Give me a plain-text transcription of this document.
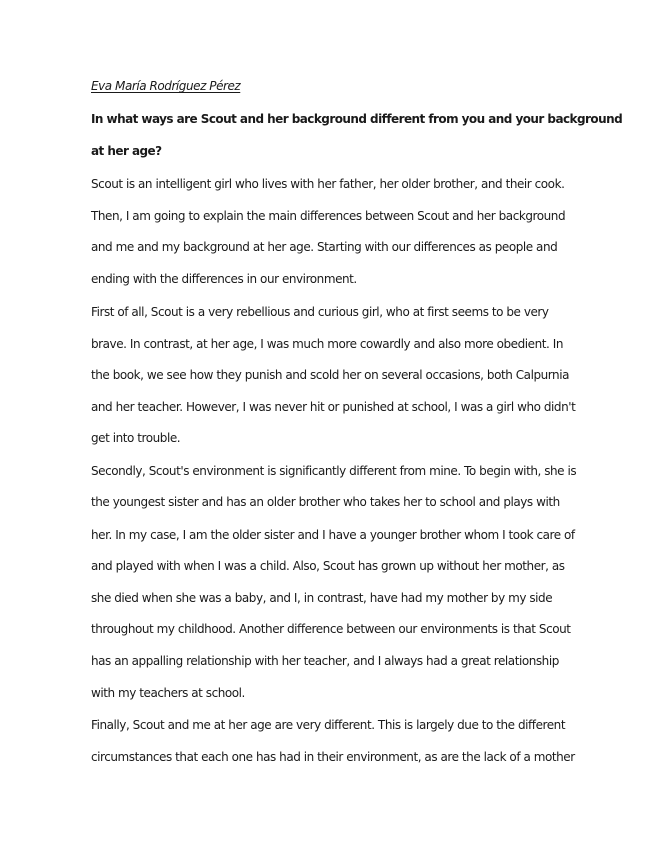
Eva María Rodríguez Pérez
In what ways are Scout and her background different from you and your background
at her age?
Scout is an intelligent girl who lives with her father, her older brother, and their cook.
Then, I am going to explain the main differences between Scout and her background
and me and my background at her age. Starting with our differences as people and
ending with the differences in our environment.
First of all, Scout is a very rebellious and curious girl, who at first seems to be very
brave. In contrast, at her age, I was much more cowardly and also more obedient. In
the book, we see how they punish and scold her on several occasions, both Calpurnia
and her teacher. However, I was never hit or punished at school, I was a girl who didn't
get into trouble.
Secondly, Scout's environment is significantly different from mine. To begin with, she is
the youngest sister and has an older brother who takes her to school and plays with
her. In my case, I am the older sister and I have a younger brother whom I took care of
and played with when I was a child. Also, Scout has grown up without her mother, as
she died when she was a baby, and I, in contrast, have had my mother by my side
throughout my childhood. Another difference between our environments is that Scout
has an appalling relationship with her teacher, and I always had a great relationship
with my teachers at school.
Finally, Scout and me at her age are very different. This is largely due to the different
circumstances that each one has had in their environment, as are the lack of a mother
